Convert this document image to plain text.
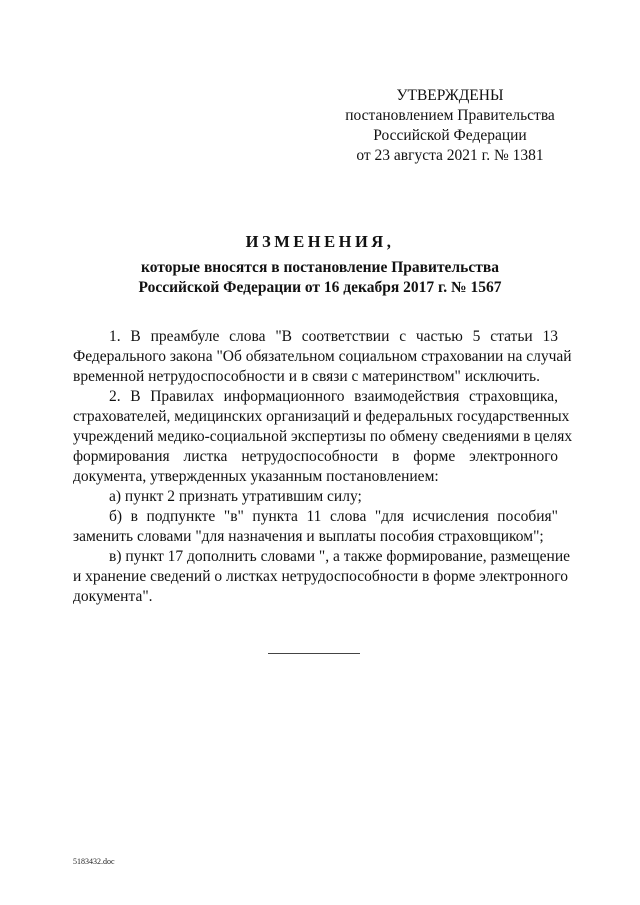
УТВЕРЖДЕНЫ
постановлением Правительства
Российской Федерации
от 23 августа 2021 г. № 1381
ИЗМЕНЕНИЯ,
которые вносятся в постановление Правительства
Российской Федерации от 16 декабря 2017 г. № 1567
1. В преамбуле слова "В соответствии с частью 5 статьи 13
Федерального закона "Об обязательном социальном страховании на случай
временной нетрудоспособности и в связи с материнством" исключить.
2. В Правилах информационного взаимодействия страховщика,
страхователей, медицинских организаций и федеральных государственных
учреждений медико-социальной экспертизы по обмену сведениями в целях
формирования листка нетрудоспособности в форме электронного
документа, утвержденных указанным постановлением:
а) пункт 2 признать утратившим силу;
б) в подпункте "в" пункта 11 слова "для исчисления пособия"
заменить словами "для назначения и выплаты пособия страховщиком";
в) пункт 17 дополнить словами ", а также формирование, размещение
и хранение сведений о листках нетрудоспособности в форме электронного
документа".
5183432.doc
